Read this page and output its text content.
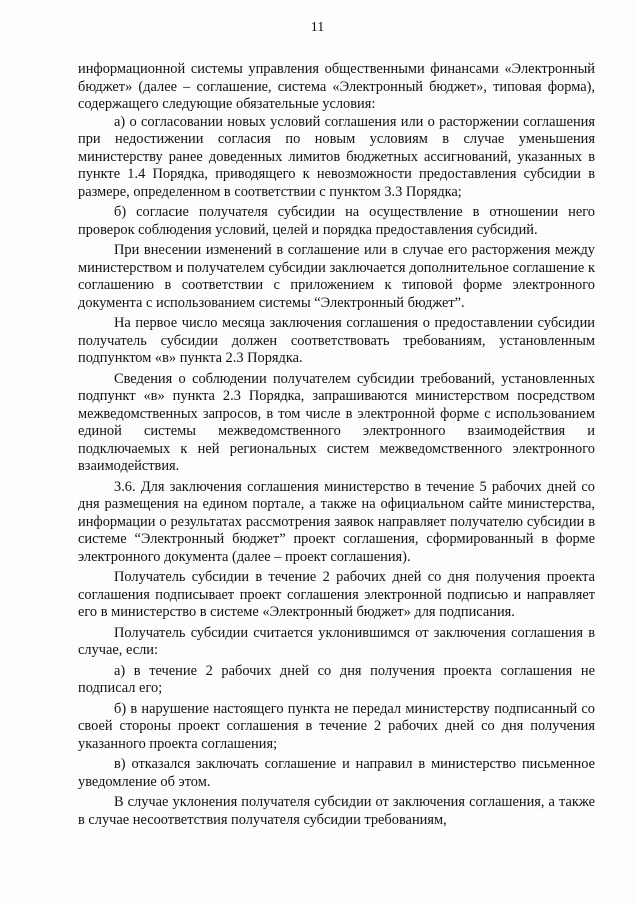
11

информационной системы управления общественными финансами «Электронный бюджет» (далее – соглашение, система «Электронный бюджет», типовая форма), содержащего следующие обязательные условия:

а) о согласовании новых условий соглашения или о расторжении соглашения при недостижении согласия по новым условиям в случае уменьшения министерству ранее доведенных лимитов бюджетных ассигнований, указанных в пункте 1.4 Порядка, приводящего к невозможности предоставления субсидии в размере, определенном в соответствии с пунктом 3.3 Порядка;

б) согласие получателя субсидии на осуществление в отношении него проверок соблюдения условий, целей и порядка предоставления субсидий.

При внесении изменений в соглашение или в случае его расторжения между министерством и получателем субсидии заключается дополнительное соглашение к соглашению в соответствии с приложением к типовой форме электронного документа с использованием системы “Электронный бюджет”.

На первое число месяца заключения соглашения о предоставлении субсидии получатель субсидии должен соответствовать требованиям, установленным подпунктом «в» пункта 2.3 Порядка.

Сведения о соблюдении получателем субсидии требований, установленных подпункт «в» пункта 2.3 Порядка, запрашиваются министерством посредством межведомственных запросов, в том числе в электронной форме с использованием единой системы межведомственного электронного взаимодействия и подключаемых к ней региональных систем межведомственного электронного взаимодействия.

3.6. Для заключения соглашения министерство в течение 5 рабочих дней со дня размещения на едином портале, а также на официальном сайте министерства, информации о результатах рассмотрения заявок направляет получателю субсидии в системе “Электронный бюджет” проект соглашения, сформированный в форме электронного документа (далее – проект соглашения).

Получатель субсидии в течение 2 рабочих дней со дня получения проекта соглашения подписывает проект соглашения электронной подписью и направляет его в министерство в системе «Электронный бюджет» для подписания.

Получатель субсидии считается уклонившимся от заключения соглашения в случае, если:

а) в течение 2 рабочих дней со дня получения проекта соглашения не подписал его;

б) в нарушение настоящего пункта не передал министерству подписанный со своей стороны проект соглашения в течение 2 рабочих дней со дня получения указанного проекта соглашения;

в) отказался заключать соглашение и направил в министерство письменное уведомление об этом.

В случае уклонения получателя субсидии от заключения соглашения, а также в случае несоответствия получателя субсидии требованиям,
